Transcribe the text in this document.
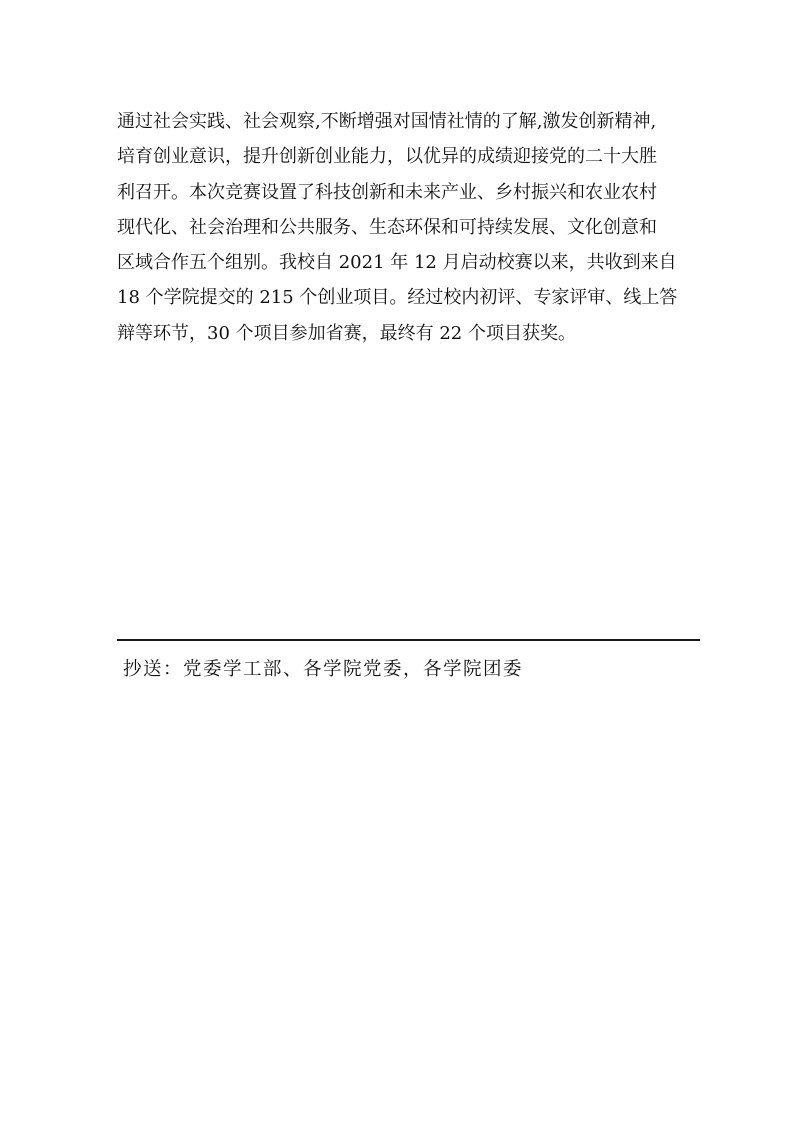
通过社会实践、社会观察,不断增强对国情社情的了解,激发创新精神,
培育创业意识，提升创新创业能力，以优异的成绩迎接党的二十大胜
利召开。本次竞赛设置了科技创新和未来产业、乡村振兴和农业农村
现代化、社会治理和公共服务、生态环保和可持续发展、文化创意和
区域合作五个组别。我校自 2021 年 12 月启动校赛以来，共收到来自
18 个学院提交的 215 个创业项目。经过校内初评、专家评审、线上答
辩等环节，30 个项目参加省赛，最终有 22 个项目获奖。
抄送：党委学工部、各学院党委，各学院团委
